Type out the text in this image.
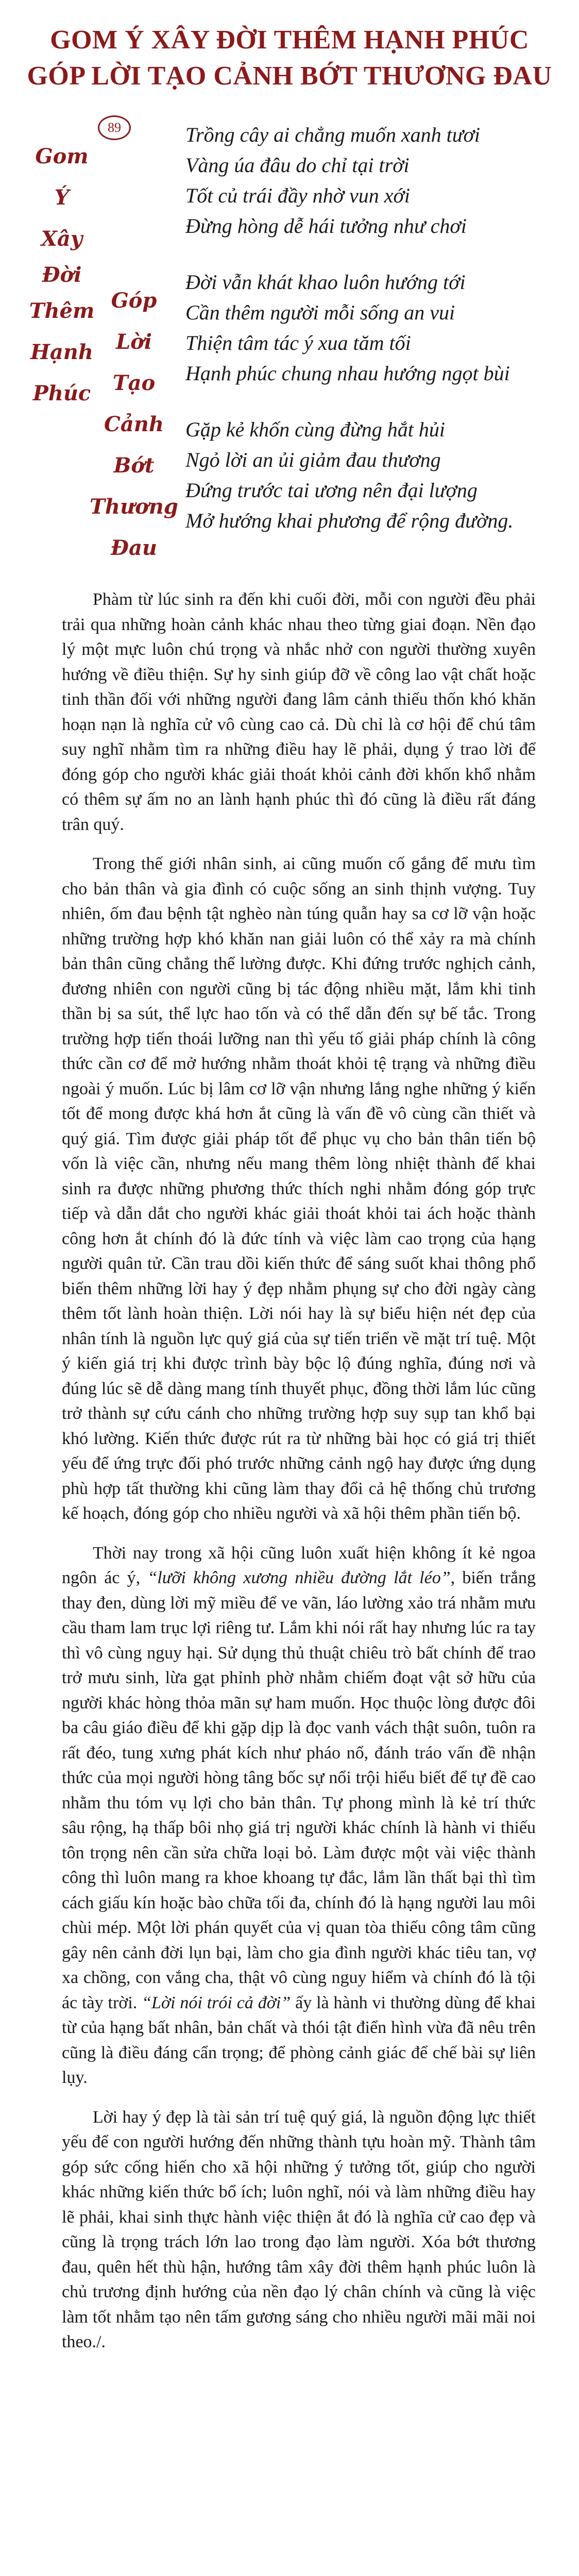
GOM Ý XÂY ĐỜI THÊM HẠNH PHÚC
GÓP LỜI TẠO CẢNH BỚT THƯƠNG ĐAU
89
Gom
Ý
Xây
Đời
Thêm
Hạnh
Phúc
Góp
Lời
Tạo
Cảnh
Bớt
Thương
Đau
Trồng cây ai chẳng muốn xanh tươi
Vàng úa đâu do chỉ tại trời
Tốt củ trái đầy nhờ vun xới
Đừng hòng dễ hái tưởng như chơi
Đời vẫn khát khao luôn hướng tới
Cần thêm người mỗi sống an vui
Thiện tâm tác ý xua tăm tối
Hạnh phúc chung nhau hướng ngọt bùi
Gặp kẻ khốn cùng đừng hắt hủi
Ngỏ lời an ủi giảm đau thương
Đứng trước tai ương nên đại lượng
Mở hướng khai phương để rộng đường.

Phàm từ lúc sinh ra đến khi cuối đời, mỗi con người đều phải trải qua những hoàn cảnh khác nhau theo từng giai đoạn. Nền đạo lý một mực luôn chú trọng và nhắc nhở con người thường xuyên hướng về điều thiện. Sự hy sinh giúp đỡ về công lao vật chất hoặc tinh thần đối với những người đang lâm cảnh thiếu thốn khó khăn hoạn nạn là nghĩa cử vô cùng cao cả. Dù chỉ là cơ hội để chú tâm suy nghĩ nhằm tìm ra những điều hay lẽ phải, dụng ý trao lời để đóng góp cho người khác giải thoát khỏi cảnh đời khốn khổ nhằm có thêm sự ấm no an lành hạnh phúc thì đó cũng là điều rất đáng trân quý.

Trong thế giới nhân sinh, ai cũng muốn cố gắng để mưu tìm cho bản thân và gia đình có cuộc sống an sinh thịnh vượng. Tuy nhiên, ốm đau bệnh tật nghèo nàn túng quẫn hay sa cơ lỡ vận hoặc những trường hợp khó khăn nan giải luôn có thể xảy ra mà chính bản thân cũng chẳng thể lường được. Khi đứng trước nghịch cảnh, đương nhiên con người cũng bị tác động nhiều mặt, lắm khi tinh thần bị sa sút, thể lực hao tốn và có thể dẫn đến sự bế tắc. Trong trường hợp tiến thoái lưỡng nan thì yếu tố giải pháp chính là công thức cần cơ để mở hướng nhằm thoát khỏi tệ trạng và những điều ngoài ý muốn. Lúc bị lâm cơ lỡ vận nhưng lắng nghe những ý kiến tốt để mong được khá hơn ắt cũng là vấn đề vô cùng cần thiết và quý giá. Tìm được giải pháp tốt để phục vụ cho bản thân tiến bộ vốn là việc cần, nhưng nếu mang thêm lòng nhiệt thành để khai sinh ra được những phương thức thích nghi nhằm đóng góp trực tiếp và dẫn dắt cho người khác giải thoát khỏi tai ách hoặc thành công hơn ắt chính đó là đức tính và việc làm cao trọng của hạng người quân tử. Cần trau dồi kiến thức để sáng suốt khai thông phổ biến thêm những lời hay ý đẹp nhằm phụng sự cho đời ngày càng thêm tốt lành hoàn thiện. Lời nói hay là sự biểu hiện nét đẹp của nhân tính là nguồn lực quý giá của sự tiến triển về mặt trí tuệ. Một ý kiến giá trị khi được trình bày bộc lộ đúng nghĩa, đúng nơi và đúng lúc sẽ dễ dàng mang tính thuyết phục, đồng thời lắm lúc cũng trở thành sự cứu cánh cho những trường hợp suy sụp tan khổ bại khó lường. Kiến thức được rút ra từ những bài học có giá trị thiết yếu để ứng trực đối phó trước những cảnh ngộ hay được ứng dụng phù hợp tất thường khi cũng làm thay đổi cả hệ thống chủ trương kế hoạch, đóng góp cho nhiều người và xã hội thêm phần tiến bộ.

Thời nay trong xã hội cũng luôn xuất hiện không ít kẻ ngoa ngôn ác ý, “lưỡi không xương nhiều đường lắt léo”, biến trắng thay đen, dùng lời mỹ miều để ve vãn, láo lường xảo trá nhằm mưu cầu tham lam trục lợi riêng tư. Lắm khi nói rất hay nhưng lúc ra tay thì vô cùng nguy hại. Sử dụng thủ thuật chiêu trò bất chính để trao trở mưu sinh, lừa gạt phỉnh phờ nhằm chiếm đoạt vật sở hữu của người khác hòng thỏa mãn sự ham muốn. Học thuộc lòng được đôi ba câu giáo điều để khi gặp dịp là đọc vanh vách thật suôn, tuôn ra rất đéo, tung xưng phát kích như pháo nổ, đánh tráo vấn đề nhận thức của mọi người hòng tâng bốc sự nổi trội hiểu biết để tự đề cao nhằm thu tóm vụ lợi cho bản thân. Tự phong mình là kẻ trí thức sâu rộng, hạ thấp bôi nhọ giá trị người khác chính là hành vi thiếu tôn trọng nên cần sửa chữa loại bỏ. Làm được một vài việc thành công thì luôn mang ra khoe khoang tự đắc, lắm lần thất bại thì tìm cách giấu kín hoặc bào chữa tối đa, chính đó là hạng người lau môi chùi mép. Một lời phán quyết của vị quan tòa thiếu công tâm cũng gây nên cảnh đời lụn bại, làm cho gia đình người khác tiêu tan, vợ xa chồng, con vắng cha, thật vô cùng nguy hiểm và chính đó là tội ác tày trời. “Lời nói trói cả đời” ấy là hành vi thường dùng để khai từ của hạng bất nhân, bản chất và thói tật điển hình vừa đã nêu trên cũng là điều đáng cẩn trọng; để phòng cảnh giác để chế bài sự liên lụy.

Lời hay ý đẹp là tài sản trí tuệ quý giá, là nguồn động lực thiết yếu để con người hướng đến những thành tựu hoàn mỹ. Thành tâm góp sức cống hiến cho xã hội những ý tưởng tốt, giúp cho người khác những kiến thức bổ ích; luôn nghĩ, nói và làm những điều hay lẽ phải, khai sinh thực hành việc thiện ắt đó là nghĩa cử cao đẹp và cũng là trọng trách lớn lao trong đạo làm người. Xóa bớt thương đau, quên hết thù hận, hướng tâm xây đời thêm hạnh phúc luôn là chủ trương định hướng của nền đạo lý chân chính và cũng là việc làm tốt nhằm tạo nên tấm gương sáng cho nhiều người mãi mãi noi theo./.
